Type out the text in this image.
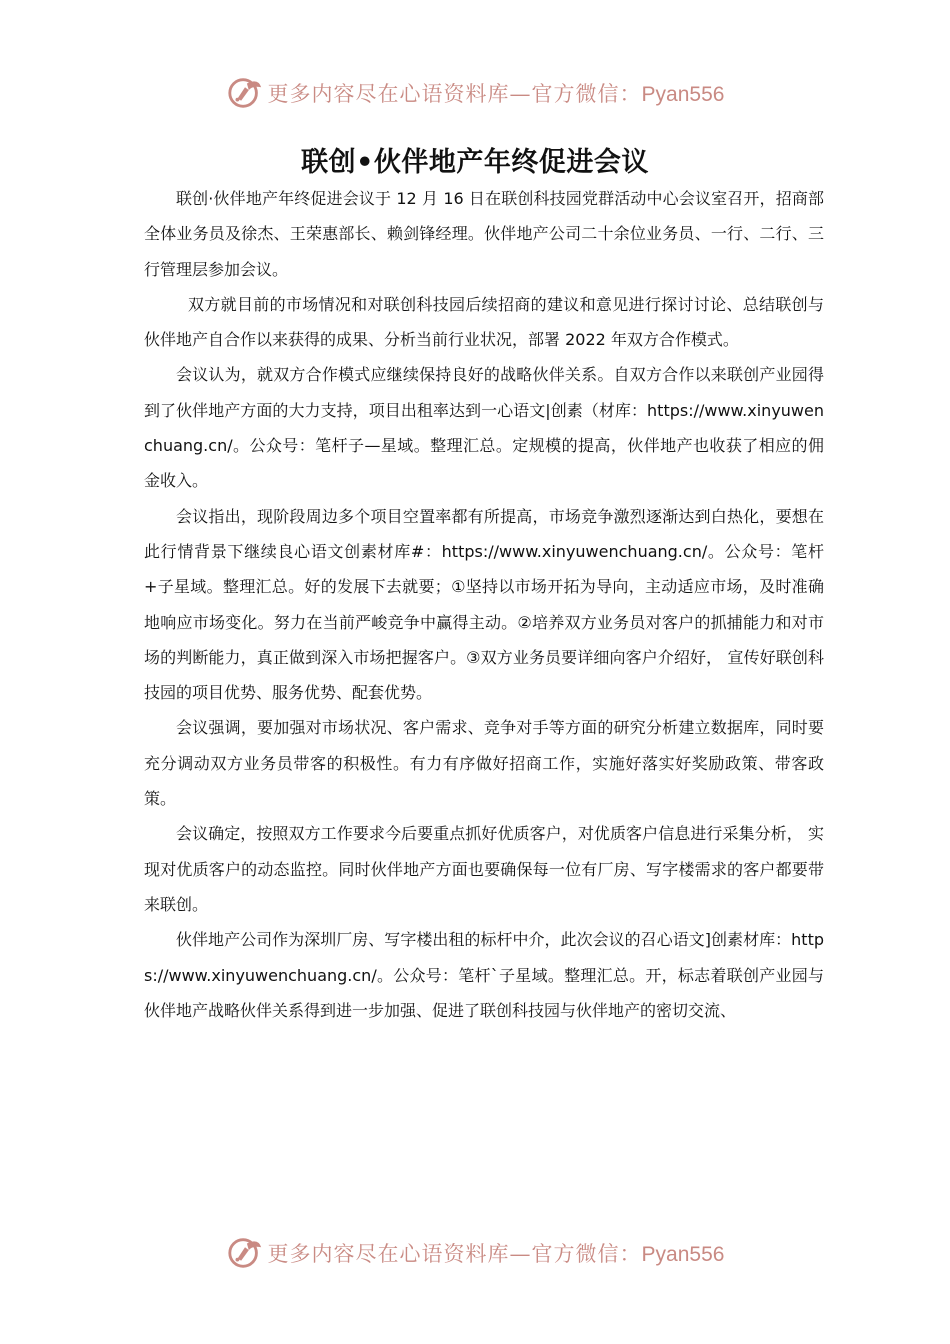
更多内容尽在心语资料库—官方微信：Pyan556
联创•伙伴地产年终促进会议

联创·伙伴地产年终促进会议于 12 月 16 日在联创科技园党群活动中心会议室召开，招商部全体业务员及徐杰、王荣惠部长、赖剑锋经理。伙伴地产公司二十余位业务员、一行、二行、三行管理层参加会议。

双方就目前的市场情况和对联创科技园后续招商的建议和意见进行探讨讨论、总结联创与伙伴地产自合作以来获得的成果、分析当前行业状况，部署 2022 年双方合作模式。

会议认为，就双方合作模式应继续保持良好的战略伙伴关系。自双方合作以来联创产业园得到了伙伴地产方面的大力支持，项目出租率达到一心语文|创素（材库：https://www.xinyuwenchuang.cn/。公众号：笔杆子—星域。整理汇总。定规模的提高，伙伴地产也收获了相应的佣金收入。

会议指出，现阶段周边多个项目空置率都有所提高，市场竞争激烈逐渐达到白热化，要想在此行情背景下继续良心语文创素材库#：https://www.xinyuwenchuang.cn/。公众号：笔杆+子星域。整理汇总。好的发展下去就要；①坚持以市场开拓为导向，主动适应市场，及时准确地响应市场变化。努力在当前严峻竞争中赢得主动。②培养双方业务员对客户的抓捕能力和对市场的判断能力，真正做到深入市场把握客户。③双方业务员要详细向客户介绍好， 宣传好联创科技园的项目优势、服务优势、配套优势。

会议强调，要加强对市场状况、客户需求、竞争对手等方面的研究分析建立数据库，同时要充分调动双方业务员带客的积极性。有力有序做好招商工作，实施好落实好奖励政策、带客政策。

会议确定，按照双方工作要求今后要重点抓好优质客户，对优质客户信息进行采集分析， 实现对优质客户的动态监控。同时伙伴地产方面也要确保每一位有厂房、写字楼需求的客户都要带来联创。

伙伴地产公司作为深圳厂房、写字楼出租的标杆中介，此次会议的召心语文]创素材库：https://www.xinyuwenchuang.cn/。公众号：笔杆`子星域。整理汇总。开，标志着联创产业园与伙伴地产战略伙伴关系得到进一步加强、促进了联创科技园与伙伴地产的密切交流、

更多内容尽在心语资料库—官方微信：Pyan556
